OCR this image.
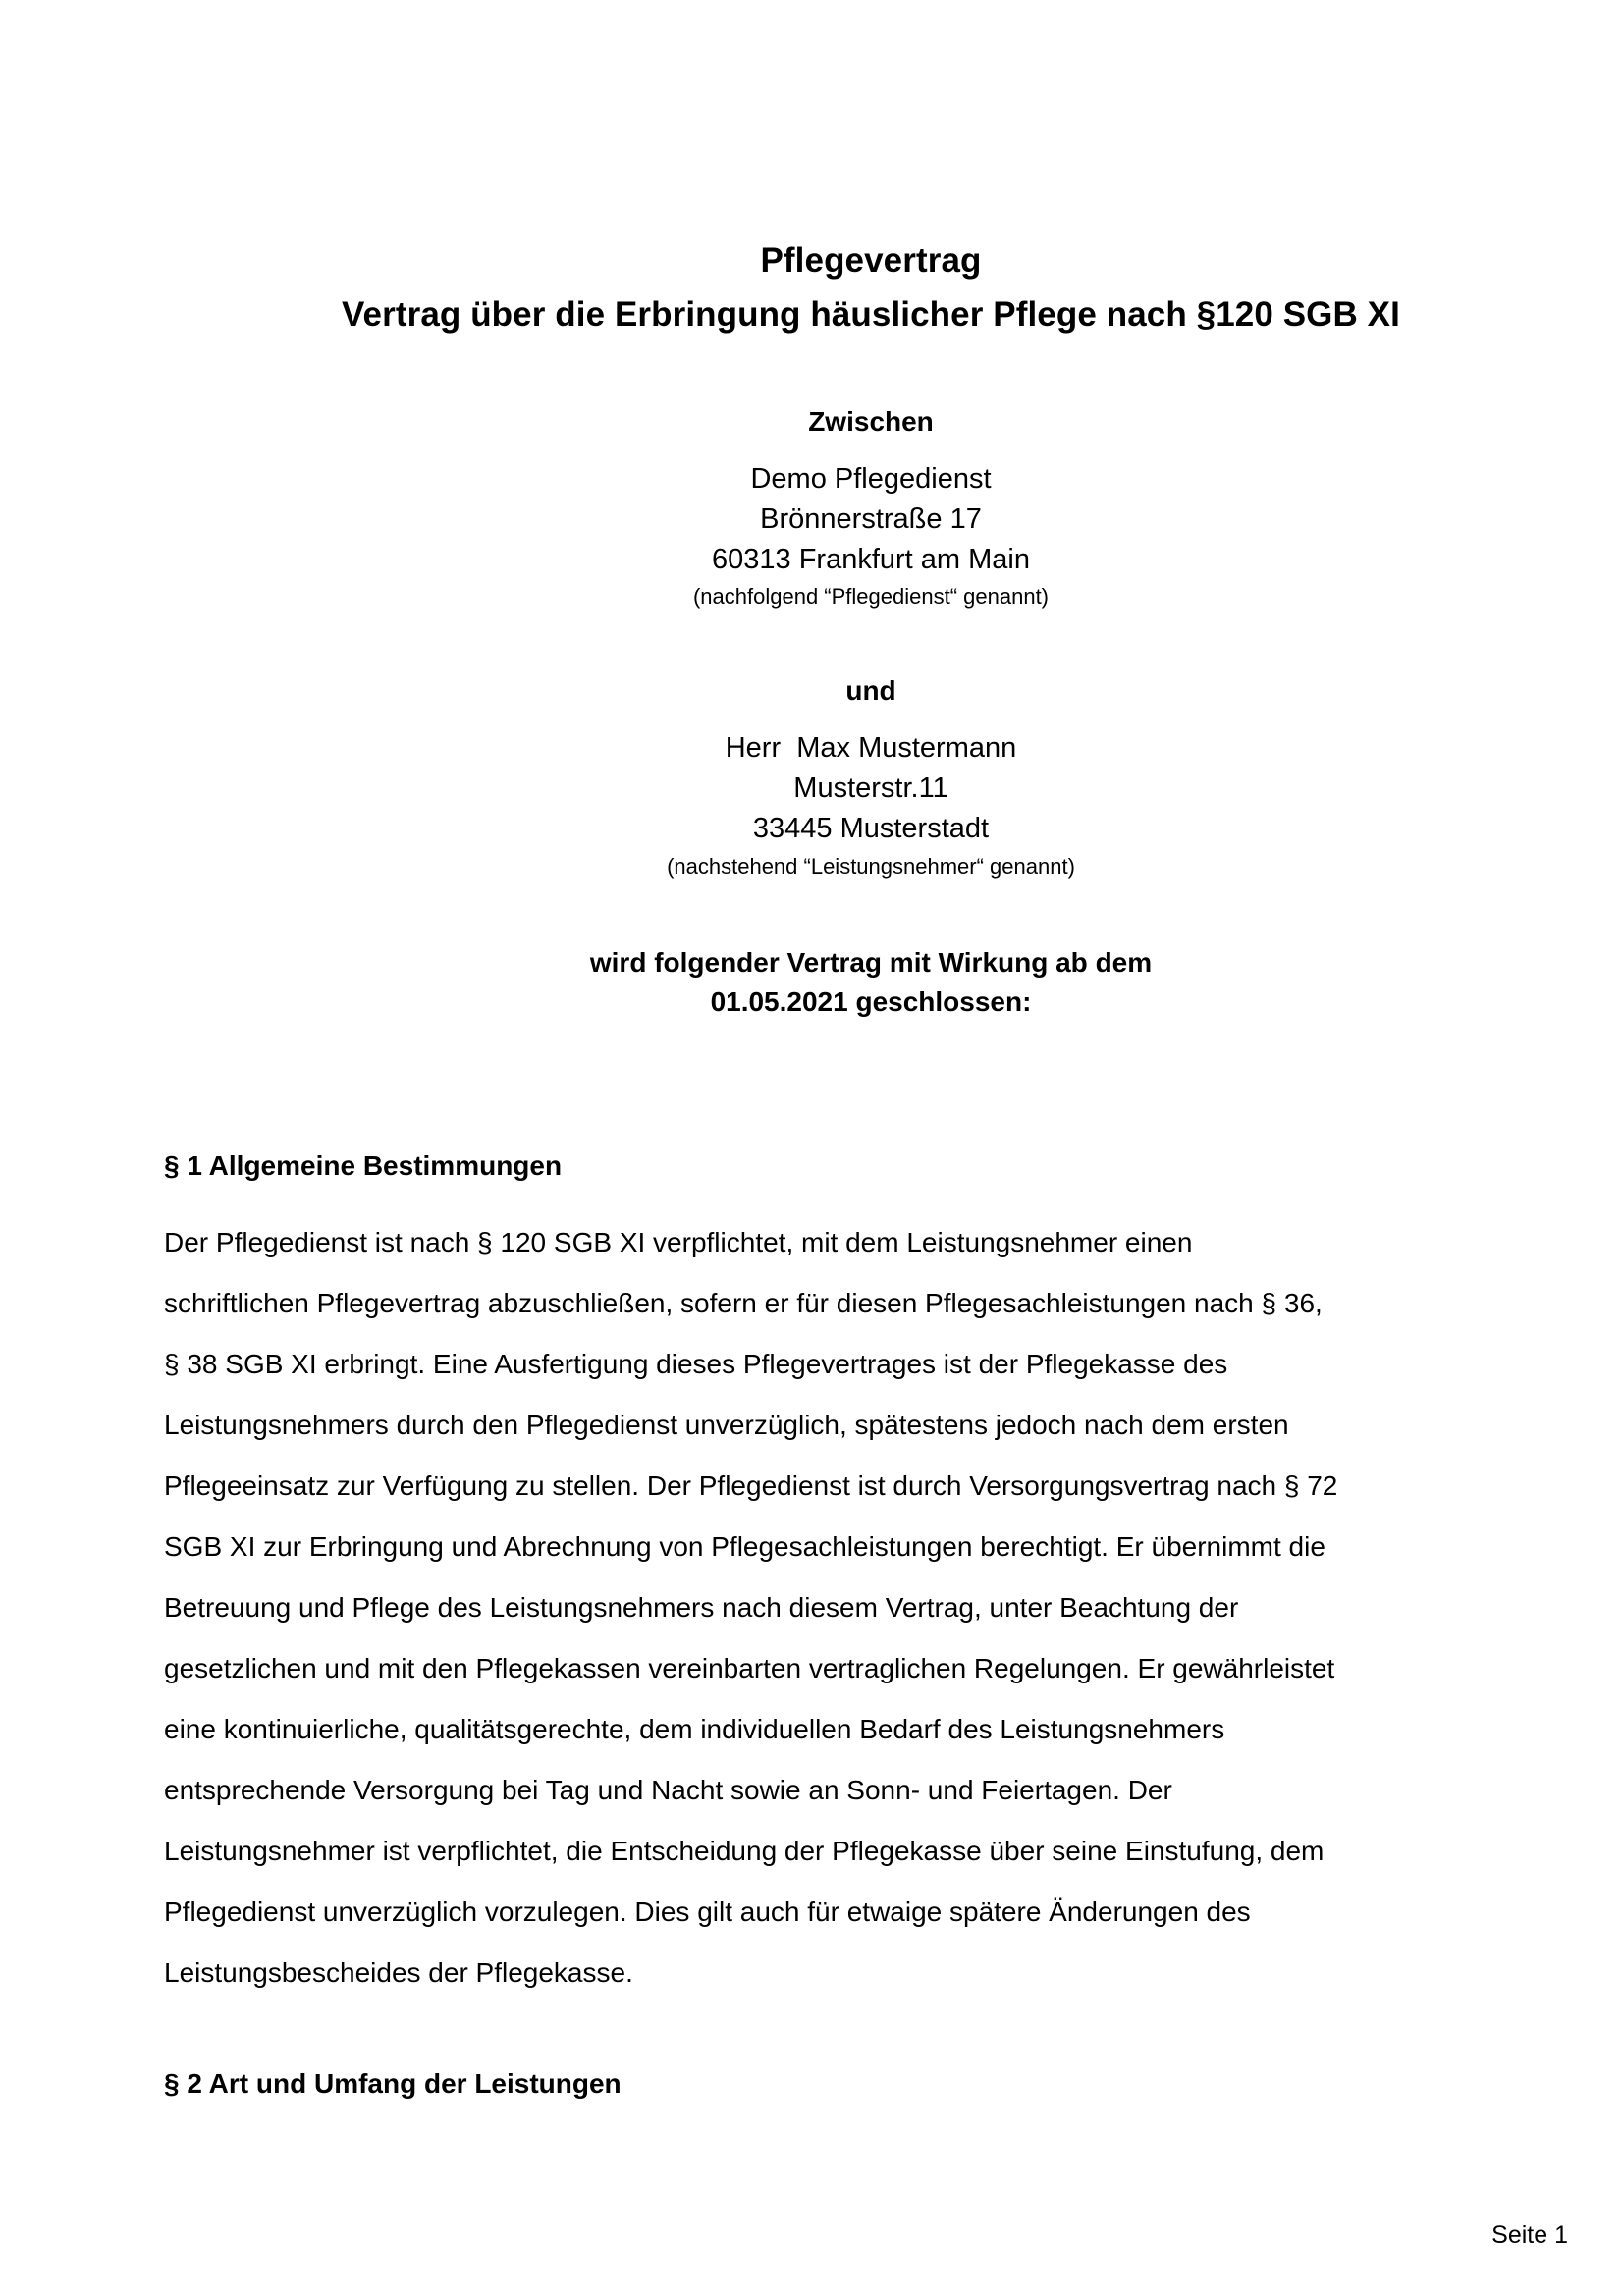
Pflegevertrag
Vertrag über die Erbringung häuslicher Pflege nach §120 SGB XI

Zwischen

Demo Pflegedienst

Brönnerstraße 17

60313 Frankfurt am Main

(nachfolgend “Pflegedienst“ genannt)

und

Herr  Max Mustermann

Musterstr.11

33445 Musterstadt

(nachstehend “Leistungsnehmer“ genannt)

wird folgender Vertrag mit Wirkung ab dem

01.05.2021 geschlossen:

§ 1 Allgemeine Bestimmungen

Der Pflegedienst ist nach § 120 SGB XI verpflichtet, mit dem Leistungsnehmer einen
schriftlichen Pflegevertrag abzuschließen, sofern er für diesen Pflegesachleistungen nach § 36,
§ 38 SGB XI erbringt. Eine Ausfertigung dieses Pflegevertrages ist der Pflegekasse des
Leistungsnehmers durch den Pflegedienst unverzüglich, spätestens jedoch nach dem ersten
Pflegeeinsatz zur Verfügung zu stellen. Der Pflegedienst ist durch Versorgungsvertrag nach § 72
SGB XI zur Erbringung und Abrechnung von Pflegesachleistungen berechtigt. Er übernimmt die
Betreuung und Pflege des Leistungsnehmers nach diesem Vertrag, unter Beachtung der
gesetzlichen und mit den Pflegekassen vereinbarten vertraglichen Regelungen. Er gewährleistet
eine kontinuierliche, qualitätsgerechte, dem individuellen Bedarf des Leistungsnehmers
entsprechende Versorgung bei Tag und Nacht sowie an Sonn- und Feiertagen. Der
Leistungsnehmer ist verpflichtet, die Entscheidung der Pflegekasse über seine Einstufung, dem
Pflegedienst unverzüglich vorzulegen. Dies gilt auch für etwaige spätere Änderungen des
Leistungsbescheides der Pflegekasse.

§ 2 Art und Umfang der Leistungen
Seite 1
